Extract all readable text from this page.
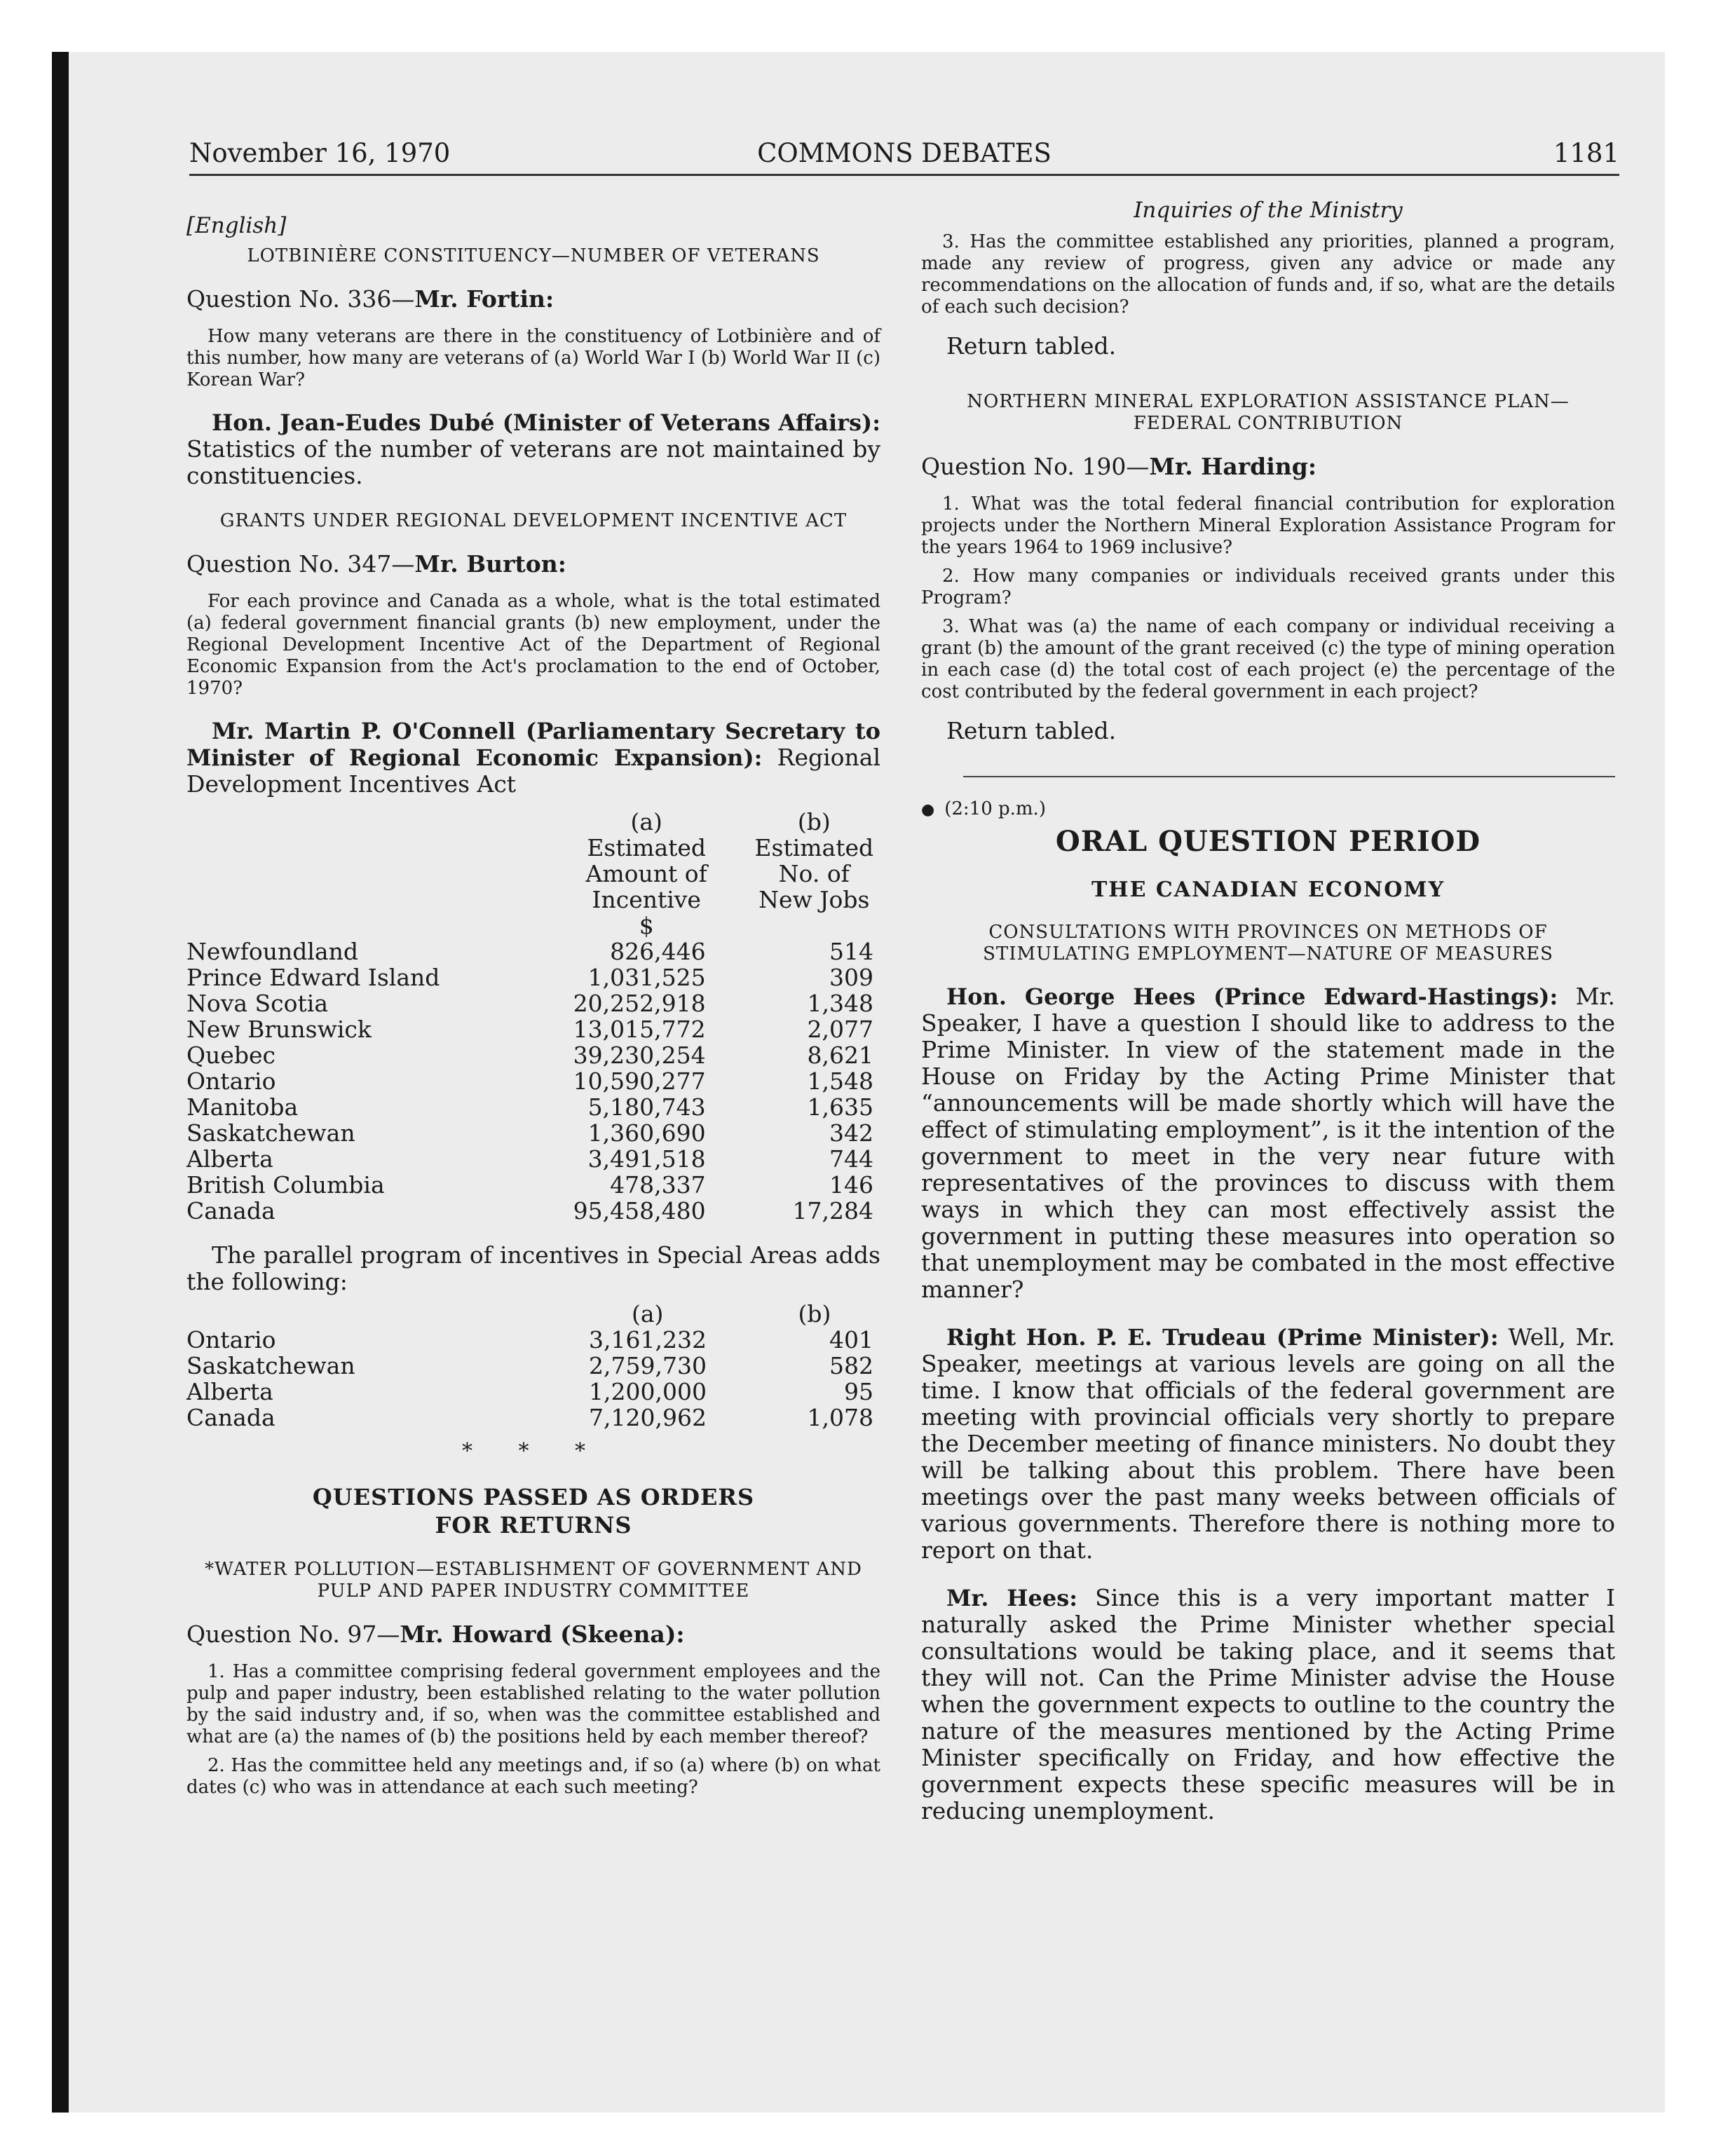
November 16, 1970	COMMONS DEBATES	1181

[English]

LOTBINIÈRE CONSTITUENCY—NUMBER OF VETERANS

Question No. 336—Mr. Fortin:

How many veterans are there in the constituency of Lotbinière and of this number, how many are veterans of (a) World War I (b) World War II (c) Korean War?

Hon. Jean-Eudes Dubé (Minister of Veterans Affairs): Statistics of the number of veterans are not maintained by constituencies.

GRANTS UNDER REGIONAL DEVELOPMENT INCENTIVE ACT

Question No. 347—Mr. Burton:

For each province and Canada as a whole, what is the total estimated (a) federal government financial grants (b) new employment, under the Regional Development Incentive Act of the Department of Regional Economic Expansion from the Act's proclamation to the end of October, 1970?

Mr. Martin P. O'Connell (Parliamentary Secretary to Minister of Regional Economic Expansion): Regional Development Incentives Act

	(a)	(b)
	Estimated	Estimated
	Amount of	No. of
	Incentive	New Jobs
	$	
Newfoundland	826,446	514
Prince Edward Island	1,031,525	309
Nova Scotia	20,252,918	1,348
New Brunswick	13,015,772	2,077
Quebec	39,230,254	8,621
Ontario	10,590,277	1,548
Manitoba	5,180,743	1,635
Saskatchewan	1,360,690	342
Alberta	3,491,518	744
British Columbia	478,337	146
Canada	95,458,480	17,284

The parallel program of incentives in Special Areas adds the following:

	(a)	(b)
Ontario	3,161,232	401
Saskatchewan	2,759,730	582
Alberta	1,200,000	95
Canada	7,120,962	1,078

* * *

QUESTIONS PASSED AS ORDERS
FOR RETURNS

*WATER POLLUTION—ESTABLISHMENT OF GOVERNMENT AND PULP AND PAPER INDUSTRY COMMITTEE

Question No. 97—Mr. Howard (Skeena):

1. Has a committee comprising federal government employees and the pulp and paper industry, been established relating to the water pollution by the said industry and, if so, when was the committee established and what are (a) the names of (b) the positions held by each member thereof?

2. Has the committee held any meetings and, if so (a) where (b) on what dates (c) who was in attendance at each such meeting?

Inquiries of the Ministry

3. Has the committee established any priorities, planned a program, made any review of progress, given any advice or made any recommendations on the allocation of funds and, if so, what are the details of each such decision?

Return tabled.

NORTHERN MINERAL EXPLORATION ASSISTANCE PLAN—FEDERAL CONTRIBUTION

Question No. 190—Mr. Harding:

1. What was the total federal financial contribution for exploration projects under the Northern Mineral Exploration Assistance Program for the years 1964 to 1969 inclusive?

2. How many companies or individuals received grants under this Program?

3. What was (a) the name of each company or individual receiving a grant (b) the amount of the grant received (c) the type of mining operation in each case (d) the total cost of each project (e) the percentage of the cost contributed by the federal government in each project?

Return tabled.

● (2:10 p.m.)

ORAL QUESTION PERIOD

THE CANADIAN ECONOMY

CONSULTATIONS WITH PROVINCES ON METHODS OF STIMULATING EMPLOYMENT—NATURE OF MEASURES

Hon. George Hees (Prince Edward-Hastings): Mr. Speaker, I have a question I should like to address to the Prime Minister. In view of the statement made in the House on Friday by the Acting Prime Minister that “announcements will be made shortly which will have the effect of stimulating employment”, is it the intention of the government to meet in the very near future with representatives of the provinces to discuss with them ways in which they can most effectively assist the government in putting these measures into operation so that unemployment may be combated in the most effective manner?

Right Hon. P. E. Trudeau (Prime Minister): Well, Mr. Speaker, meetings at various levels are going on all the time. I know that officials of the federal government are meeting with provincial officials very shortly to prepare the December meeting of finance ministers. No doubt they will be talking about this problem. There have been meetings over the past many weeks between officials of various governments. Therefore there is nothing more to report on that.

Mr. Hees: Since this is a very important matter I naturally asked the Prime Minister whether special consultations would be taking place, and it seems that they will not. Can the Prime Minister advise the House when the government expects to outline to the country the nature of the measures mentioned by the Acting Prime Minister specifically on Friday, and how effective the government expects these specific measures will be in reducing unemployment.
